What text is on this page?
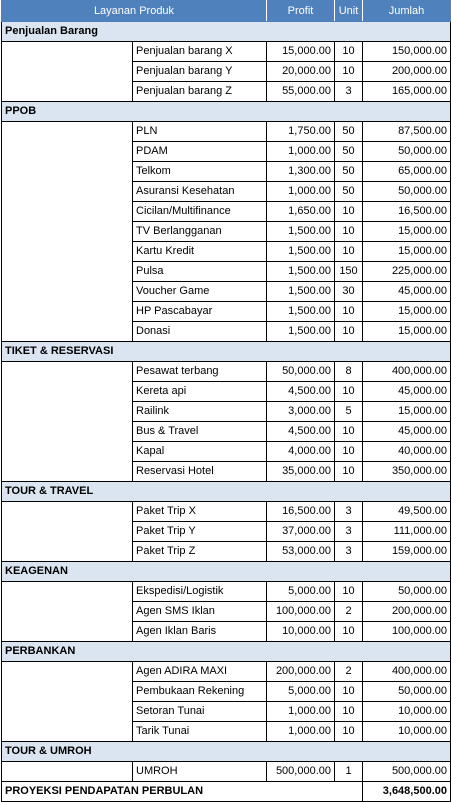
Layanan Produk		Profit	Unit	Jumlah
Penjualan Barang				
	Penjualan barang X	15,000.00	10	150,000.00
	Penjualan barang Y	20,000.00	10	200,000.00
	Penjualan barang Z	55,000.00	3	165,000.00
PPOB				
	PLN	1,750.00	50	87,500.00
	PDAM	1,000.00	50	50,000.00
	Telkom	1,300.00	50	65,000.00
	Asuransi Kesehatan	1,000.00	50	50,000.00
	Cicilan/Multifinance	1,650.00	10	16,500.00
	TV Berlangganan	1,500.00	10	15,000.00
	Kartu Kredit	1,500.00	10	15,000.00
	Pulsa	1,500.00	150	225,000.00
	Voucher Game	1,500.00	30	45,000.00
	HP Pascabayar	1,500.00	10	15,000.00
	Donasi	1,500.00	10	15,000.00
TIKET & RESERVASI				
	Pesawat terbang	50,000.00	8	400,000.00
	Kereta api	4,500.00	10	45,000.00
	Railink	3,000.00	5	15,000.00
	Bus & Travel	4,500.00	10	45,000.00
	Kapal	4,000.00	10	40,000.00
	Reservasi Hotel	35,000.00	10	350,000.00
TOUR & TRAVEL				
	Paket Trip X	16,500.00	3	49,500.00
	Paket Trip Y	37,000.00	3	111,000.00
	Paket Trip Z	53,000.00	3	159,000.00
KEAGENAN				
	Ekspedisi/Logistik	5,000.00	10	50,000.00
	Agen SMS Iklan	100,000.00	2	200,000.00
	Agen Iklan Baris	10,000.00	10	100,000.00
PERBANKAN				
	Agen ADIRA MAXI	200,000.00	2	400,000.00
	Pembukaan Rekening	5,000.00	10	50,000.00
	Setoran Tunai	1,000.00	10	10,000.00
	Tarik Tunai	1,000.00	10	10,000.00
TOUR & UMROH				
	UMROH	500,000.00	1	500,000.00
PROYEKSI PENDAPATAN PERBULAN				3,648,500.00
